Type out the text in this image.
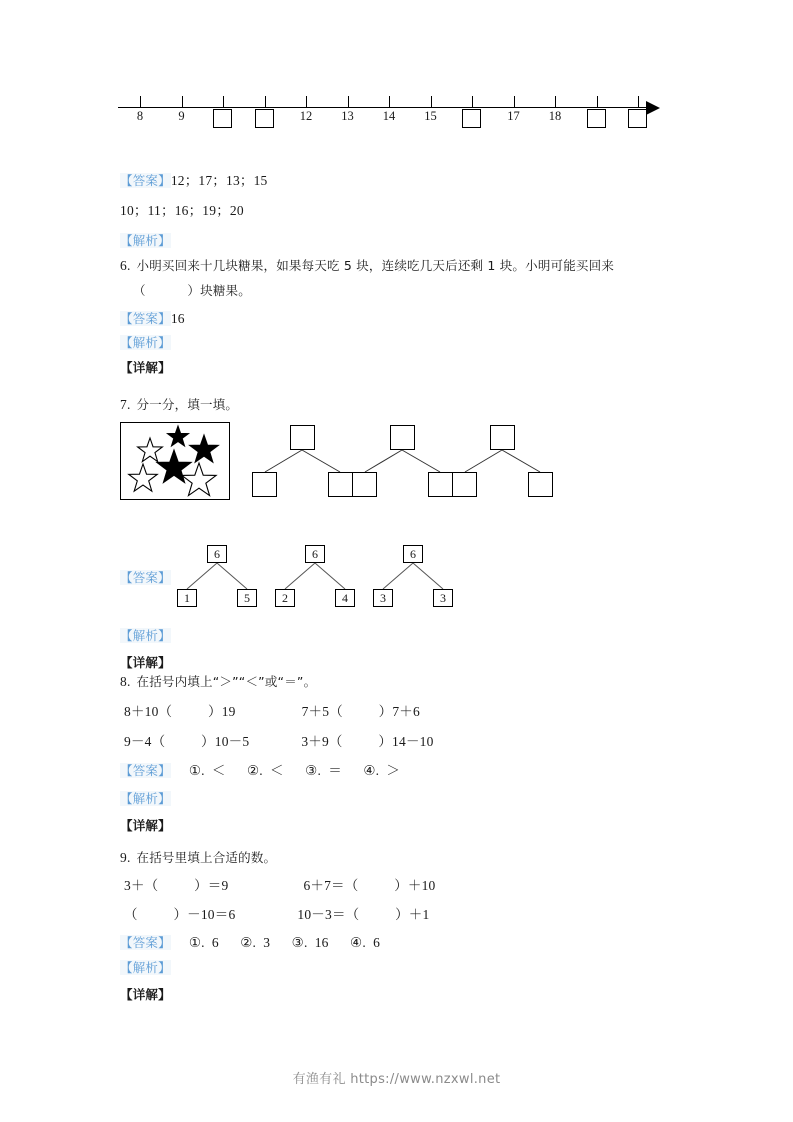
8	9	12	13	14	15	17	18
【答案】12；17；13；15
10；11；16；19；20
【解析】
6. 小明买回来十几块糖果，如果每天吃 5 块，连续吃几天后还剩 1 块。小明可能买回来
（          ）块糖果。
【答案】16
【解析】
【详解】
7. 分一分，填一填。
【答案】
6
1	5
6
2	4
6
3	3
【解析】
【详解】
8. 在括号内填上“＞”“＜”或“＝”。
8＋10（          ）19	7＋5（          ）7＋6
9－4（          ）10－5	3＋9（          ）14－10
【答案】 ①.  ＜      ②.  ＜      ③.  ＝      ④.  ＞
【解析】
【详解】
9. 在括号里填上合适的数。
3＋（          ）＝9	6＋7＝（          ）＋10
（          ）－10＝6	10－3＝（          ）＋1
【答案】 ①.  6      ②.  3      ③.  16      ④.  6
【解析】
【详解】
有渔有礼 https://www.nzxwl.net
